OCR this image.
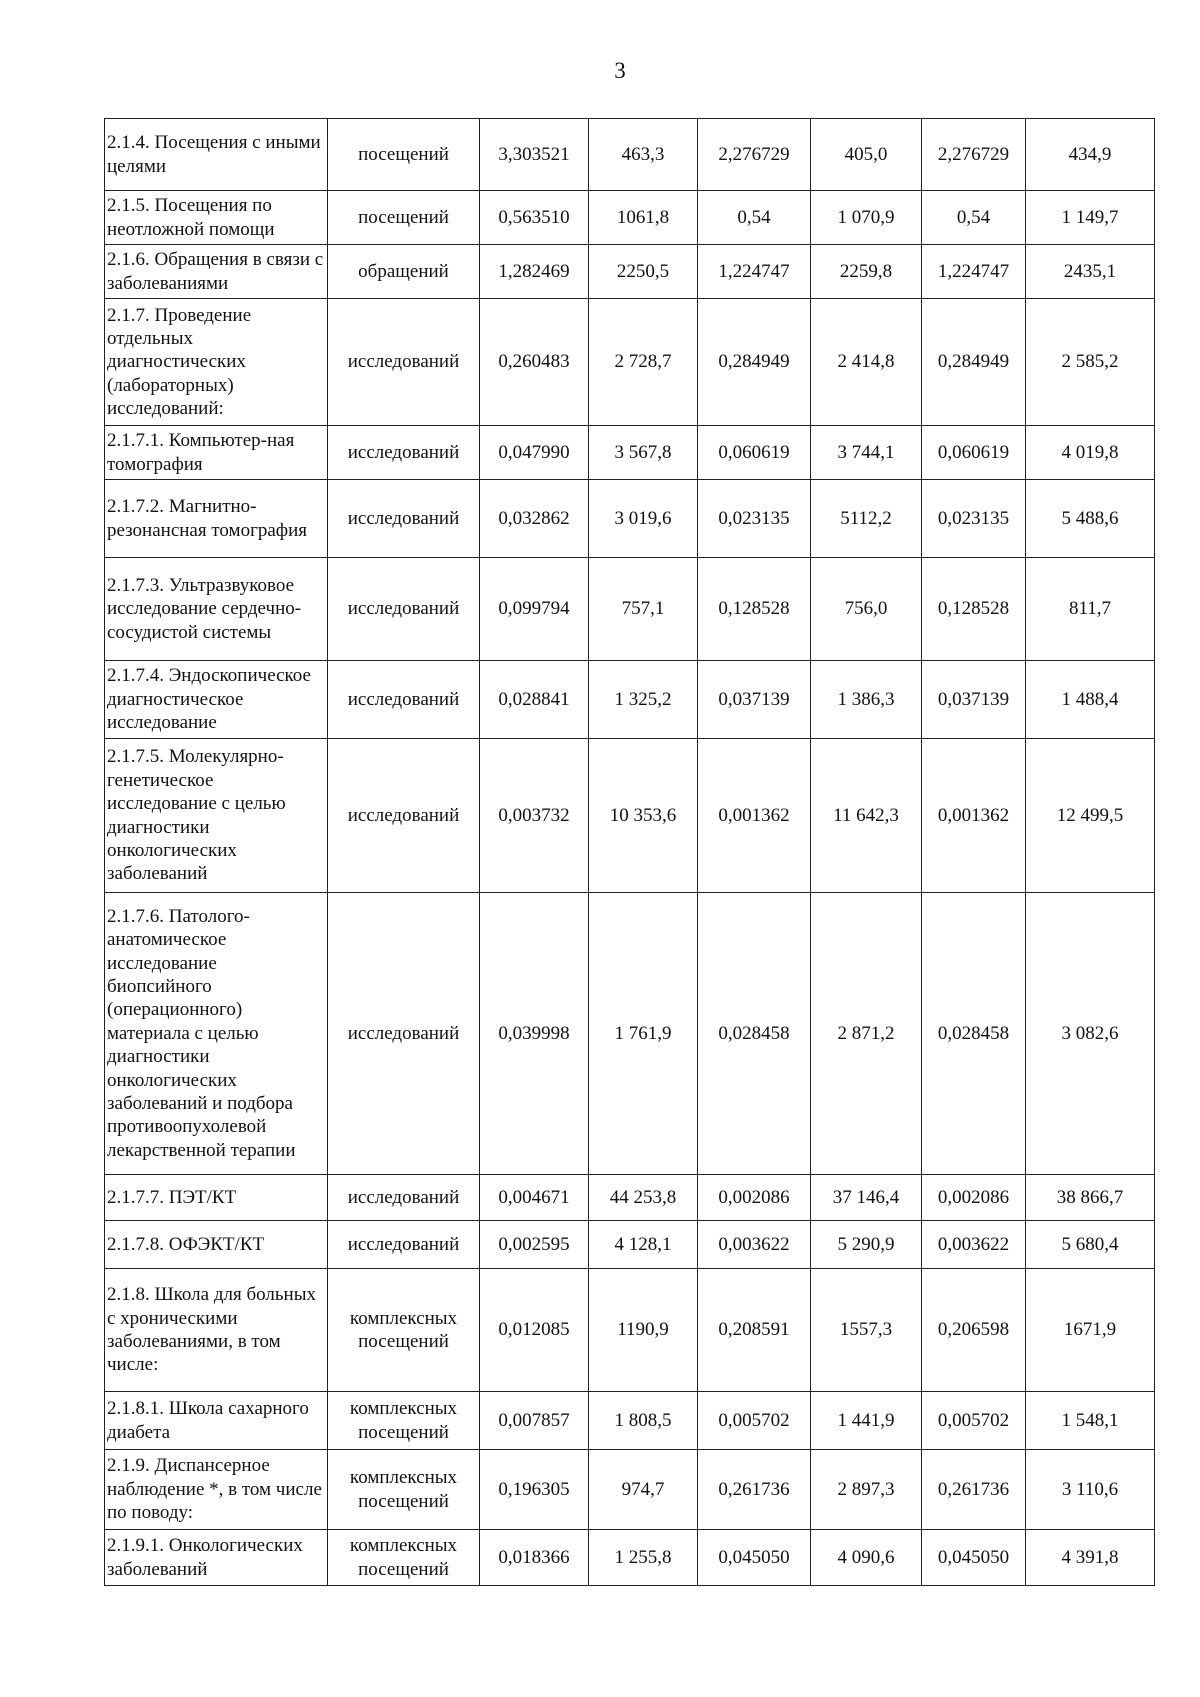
3
2.1.4. Посещения с иными целями	посещений	3,303521	463,3	2,276729	405,0	2,276729	434,9
2.1.5. Посещения по неотложной помощи	посещений	0,563510	1061,8	0,54	1 070,9	0,54	1 149,7
2.1.6. Обращения в связи с заболеваниями	обращений	1,282469	2250,5	1,224747	2259,8	1,224747	2435,1
2.1.7. Проведение отдельных диагностических (лабораторных) исследований:	исследований	0,260483	2 728,7	0,284949	2 414,8	0,284949	2 585,2
2.1.7.1. Компьютер-ная томография	исследований	0,047990	3 567,8	0,060619	3 744,1	0,060619	4 019,8
2.1.7.2. Магнитно-резонансная томография	исследований	0,032862	3 019,6	0,023135	5112,2	0,023135	5 488,6
2.1.7.3. Ультразвуковое исследование сердечно-сосудистой системы	исследований	0,099794	757,1	0,128528	756,0	0,128528	811,7
2.1.7.4. Эндоскопическое диагностическое исследование	исследований	0,028841	1 325,2	0,037139	1 386,3	0,037139	1 488,4
2.1.7.5. Молекулярно-генетическое исследование с целью диагностики онкологических заболеваний	исследований	0,003732	10 353,6	0,001362	11 642,3	0,001362	12 499,5
2.1.7.6. Патолого-анатомическое исследование биопсийного (операционного) материала с целью диагностики онкологических заболеваний и подбора противоопухолевой лекарственной терапии	исследований	0,039998	1 761,9	0,028458	2 871,2	0,028458	3 082,6
2.1.7.7. ПЭТ/КТ	исследований	0,004671	44 253,8	0,002086	37 146,4	0,002086	38 866,7
2.1.7.8. ОФЭКТ/КТ	исследований	0,002595	4 128,1	0,003622	5 290,9	0,003622	5 680,4
2.1.8. Школа для больных с хроническими заболеваниями, в том числе:	комплексных посещений	0,012085	1190,9	0,208591	1557,3	0,206598	1671,9
2.1.8.1. Школа сахарного диабета	комплексных посещений	0,007857	1 808,5	0,005702	1 441,9	0,005702	1 548,1
2.1.9. Диспансерное наблюдение *, в том числе по поводу:	комплексных посещений	0,196305	974,7	0,261736	2 897,3	0,261736	3 110,6
2.1.9.1. Онкологических заболеваний	комплексных посещений	0,018366	1 255,8	0,045050	4 090,6	0,045050	4 391,8
